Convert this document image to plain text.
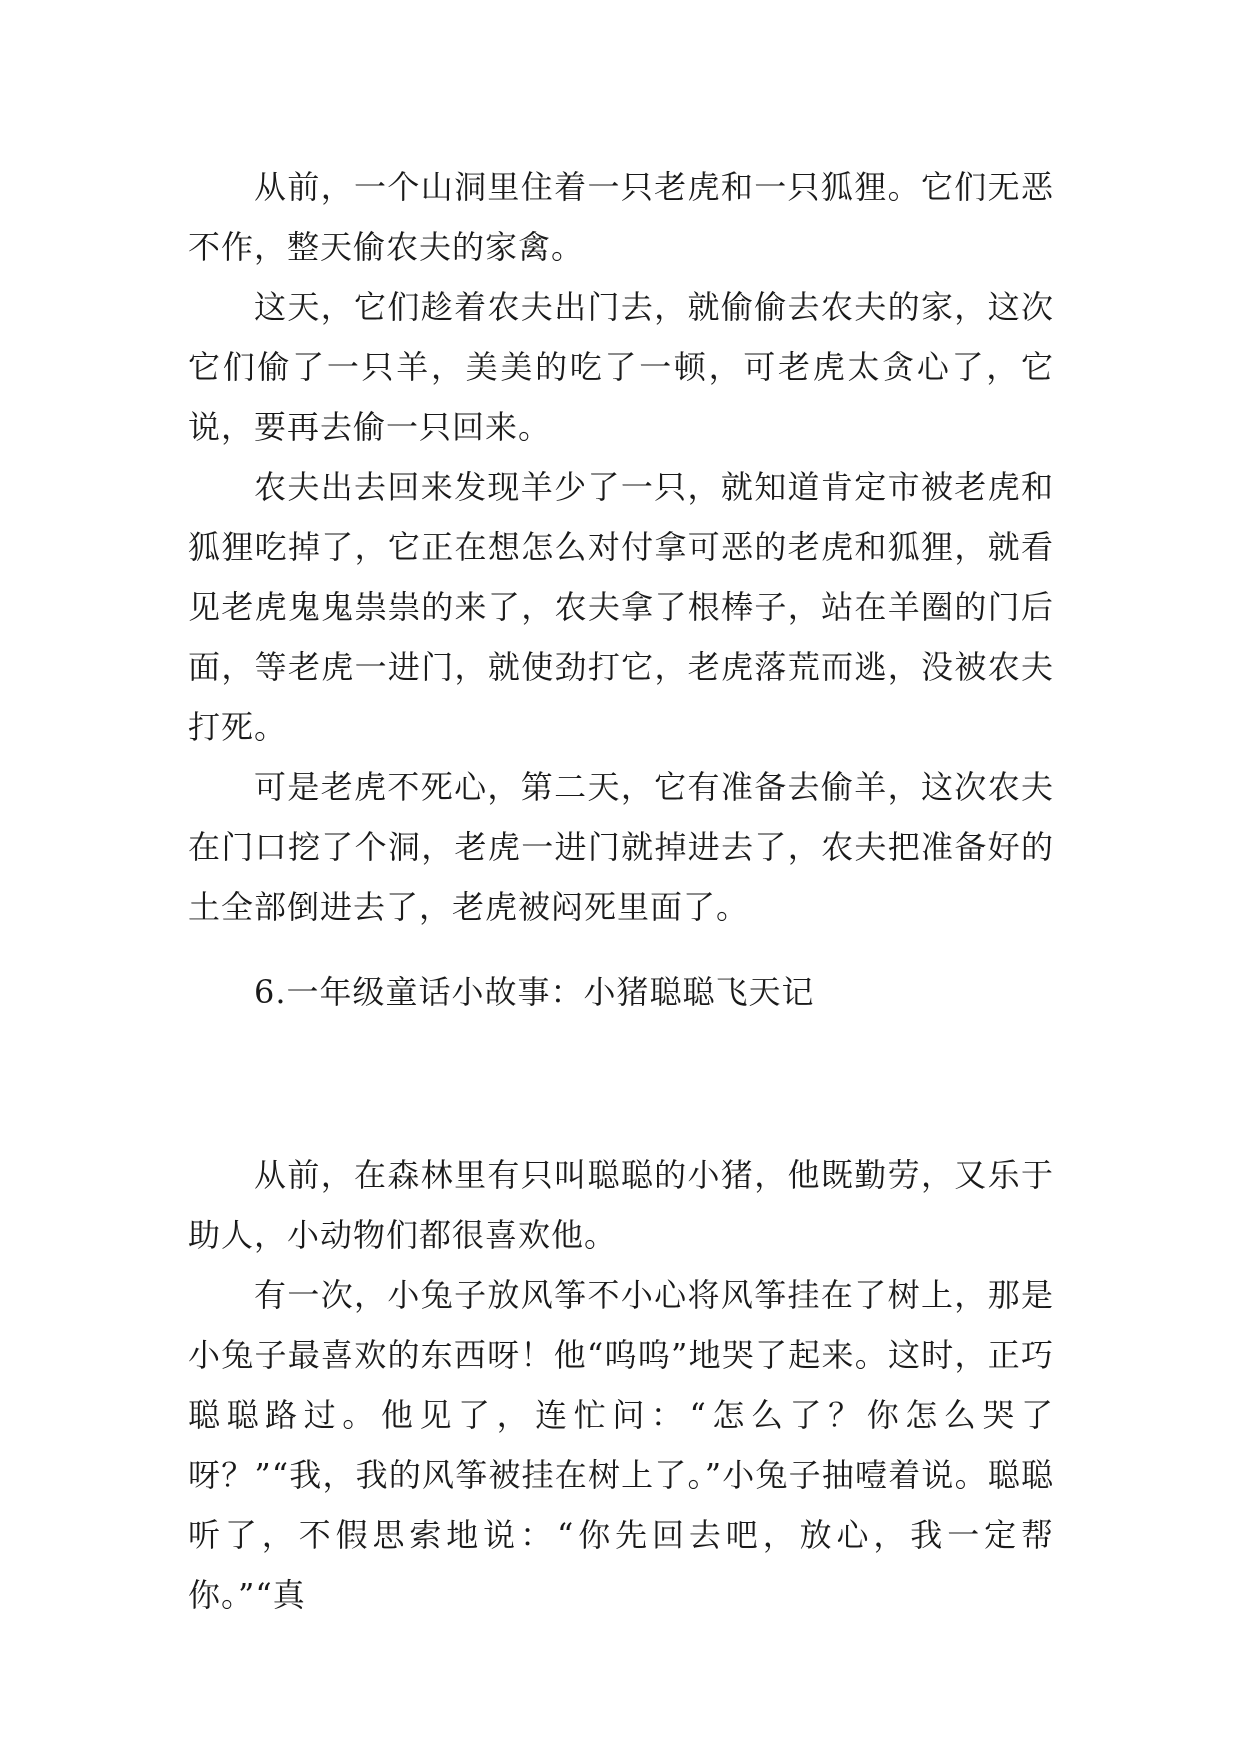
从前，一个山洞里住着一只老虎和一只狐狸。它们无恶不作，整天偷农夫的家禽。

这天，它们趁着农夫出门去，就偷偷去农夫的家，这次它们偷了一只羊，美美的吃了一顿，可老虎太贪心了，它说，要再去偷一只回来。

农夫出去回来发现羊少了一只，就知道肯定市被老虎和狐狸吃掉了，它正在想怎么对付拿可恶的老虎和狐狸，就看见老虎鬼鬼祟祟的来了，农夫拿了根棒子，站在羊圈的门后面，等老虎一进门，就使劲打它，老虎落荒而逃，没被农夫打死。

可是老虎不死心，第二天，它有准备去偷羊，这次农夫在门口挖了个洞，老虎一进门就掉进去了，农夫把准备好的土全部倒进去了，老虎被闷死里面了。

6.一年级童话小故事：小猪聪聪飞天记

从前，在森林里有只叫聪聪的小猪，他既勤劳，又乐于助人，小动物们都很喜欢他。

有一次，小兔子放风筝不小心将风筝挂在了树上，那是小兔子最喜欢的东西呀！他“呜呜”地哭了起来。这时，正巧聪聪路过。他见了，连忙问：“怎么了？你怎么哭了呀？”“我，我的风筝被挂在树上了。”小兔子抽噎着说。聪聪听了，不假思索地说：“你先回去吧，放心，我一定帮你。”“真
